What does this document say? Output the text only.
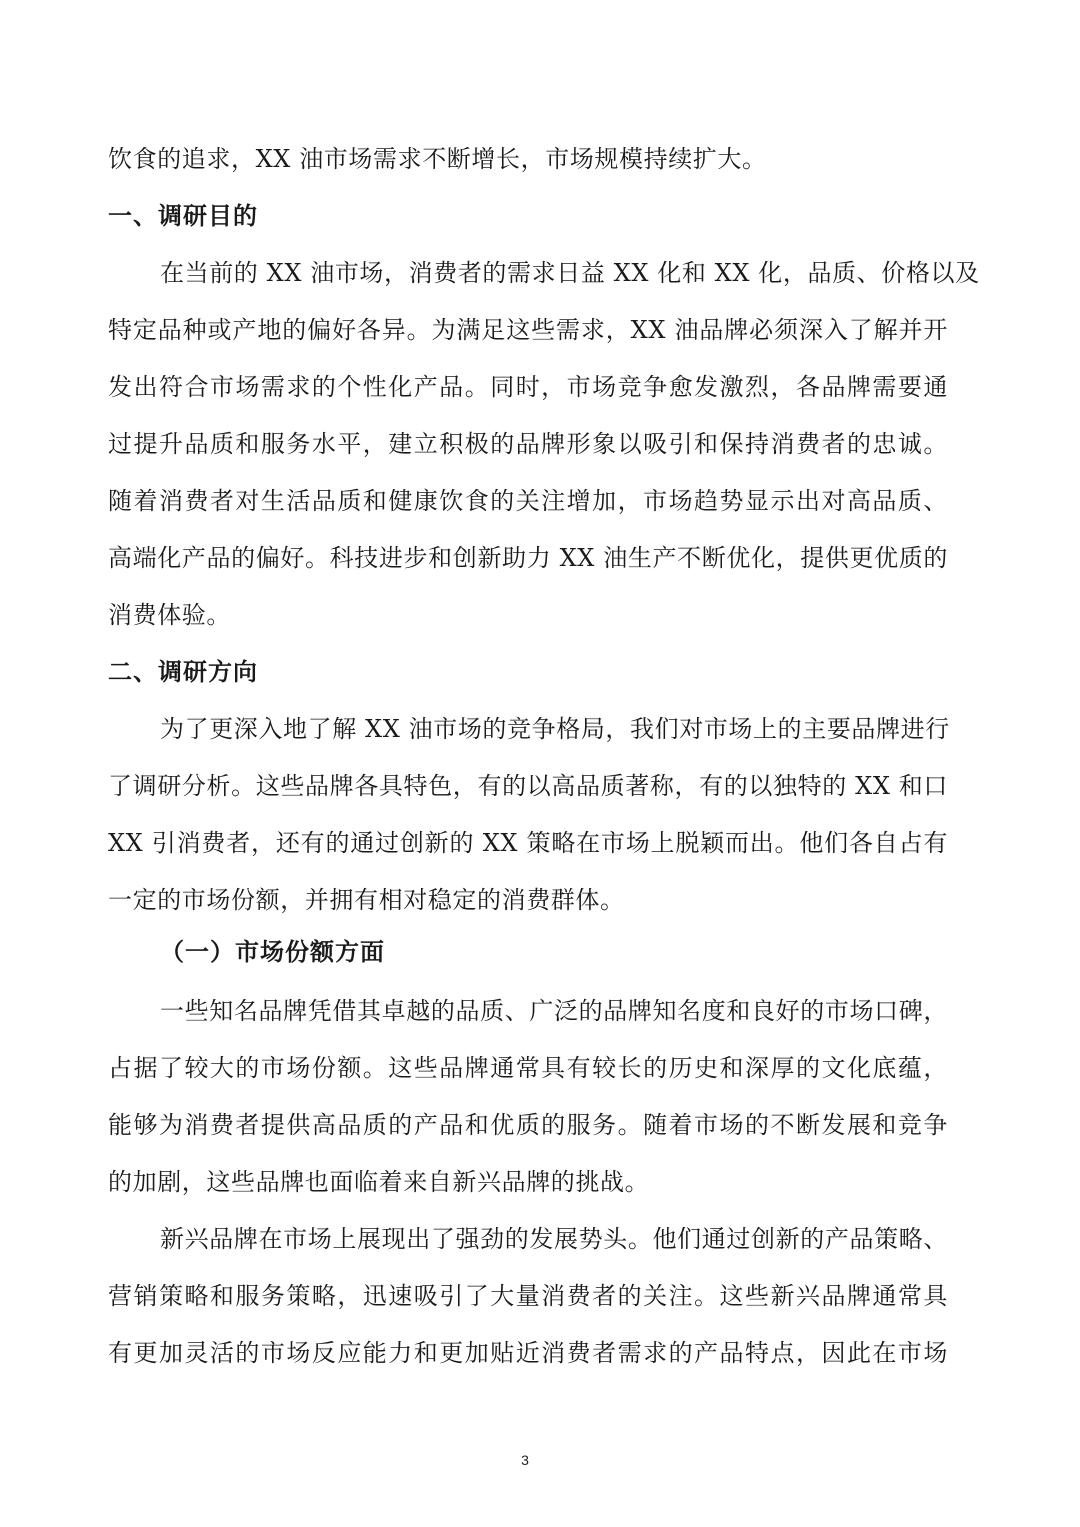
饮食的追求，XX 油市场需求不断增长，市场规模持续扩大。
一、调研目的
在当前的 XX 油市场，消费者的需求日益 XX 化和 XX 化，品质、价格以及
特定品种或产地的偏好各异。为满足这些需求，XX 油品牌必须深入了解并开
发出符合市场需求的个性化产品。同时，市场竞争愈发激烈，各品牌需要通
过提升品质和服务水平，建立积极的品牌形象以吸引和保持消费者的忠诚。
随着消费者对生活品质和健康饮食的关注增加，市场趋势显示出对高品质、
高端化产品的偏好。科技进步和创新助力 XX 油生产不断优化，提供更优质的
消费体验。
二、调研方向
为了更深入地了解 XX 油市场的竞争格局，我们对市场上的主要品牌进行
了调研分析。这些品牌各具特色，有的以高品质著称，有的以独特的 XX 和口
XX 引消费者，还有的通过创新的 XX 策略在市场上脱颖而出。他们各自占有
一定的市场份额，并拥有相对稳定的消费群体。
（一）市场份额方面
一些知名品牌凭借其卓越的品质、广泛的品牌知名度和良好的市场口碑，
占据了较大的市场份额。这些品牌通常具有较长的历史和深厚的文化底蕴，
能够为消费者提供高品质的产品和优质的服务。随着市场的不断发展和竞争
的加剧，这些品牌也面临着来自新兴品牌的挑战。
新兴品牌在市场上展现出了强劲的发展势头。他们通过创新的产品策略、
营销策略和服务策略，迅速吸引了大量消费者的关注。这些新兴品牌通常具
有更加灵活的市场反应能力和更加贴近消费者需求的产品特点，因此在市场
3
